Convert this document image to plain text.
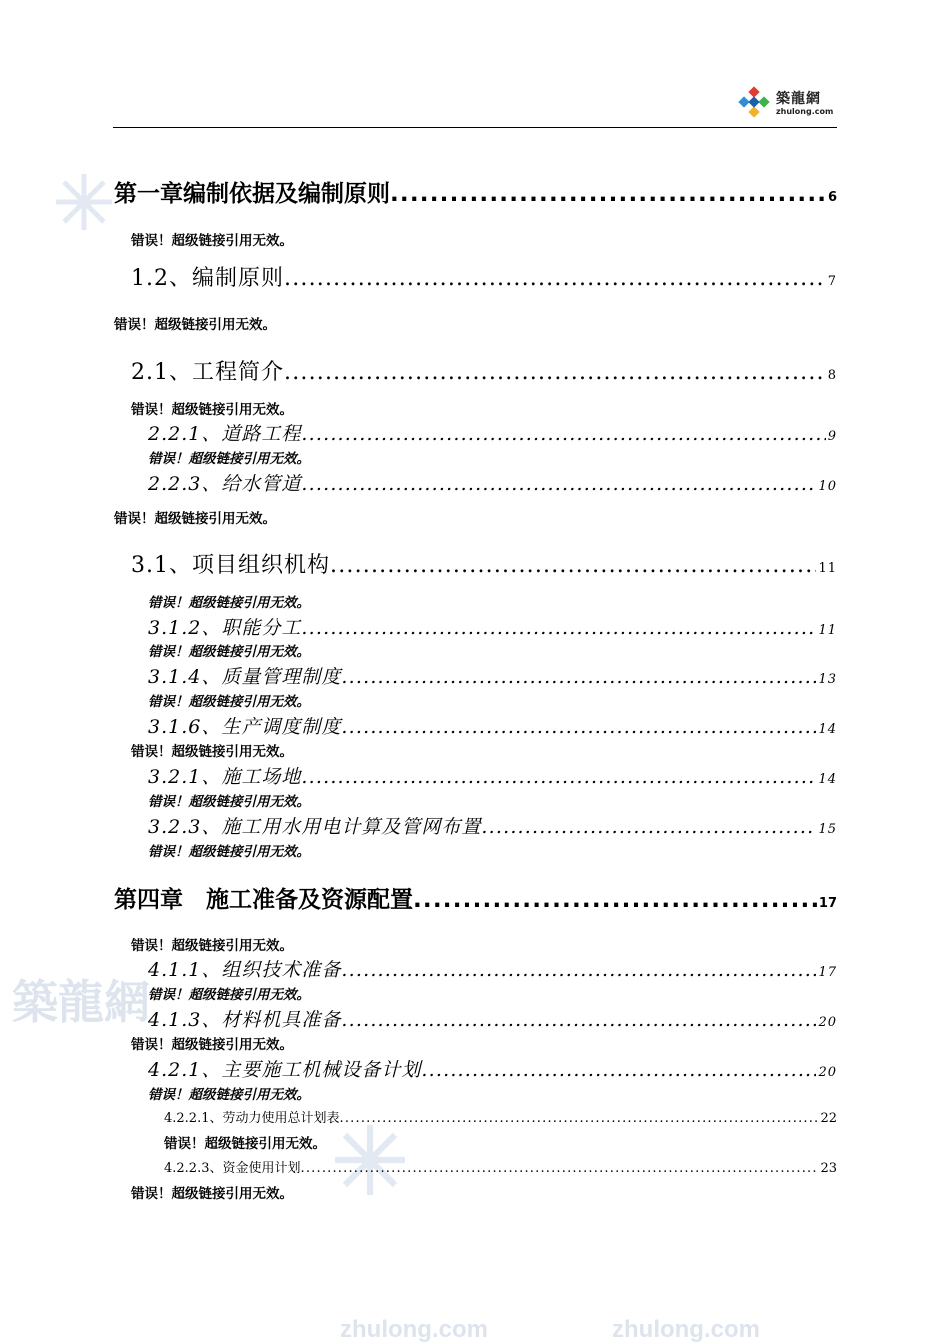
築龍網
zhulong.com	zhulong.com
築龍網
zhulong.com
第一章编制依据及编制原则 .....	6
错误！超级链接引用无效。
1.2、编制原则 .....	7
错误！超级链接引用无效。
2.1、工程简介 .....	8
错误！超级链接引用无效。
2.2.1、道路工程 .....	9
错误！超级链接引用无效。
2.2.3、给水管道 .....	10
错误！超级链接引用无效。
3.1、项目组织机构 .....	11
错误！超级链接引用无效。
3.1.2、职能分工 .....	11
错误！超级链接引用无效。
3.1.4、质量管理制度 .....	13
错误！超级链接引用无效。
3.1.6、生产调度制度 .....	14
错误！超级链接引用无效。
3.2.1、施工场地 .....	14
错误！超级链接引用无效。
3.2.3、施工用水用电计算及管网布置 .....	15
错误！超级链接引用无效。
第四章　施工准备及资源配置 .....	17
错误！超级链接引用无效。
4.1.1、组织技术准备 .....	17
错误！超级链接引用无效。
4.1.3、材料机具准备 .....	20
错误！超级链接引用无效。
4.2.1、主要施工机械设备计划 .....	20
错误！超级链接引用无效。
4.2.2.1、劳动力使用总计划表 .....	22
错误！超级链接引用无效。
4.2.2.3、资金使用计划 .....	23
错误！超级链接引用无效。
